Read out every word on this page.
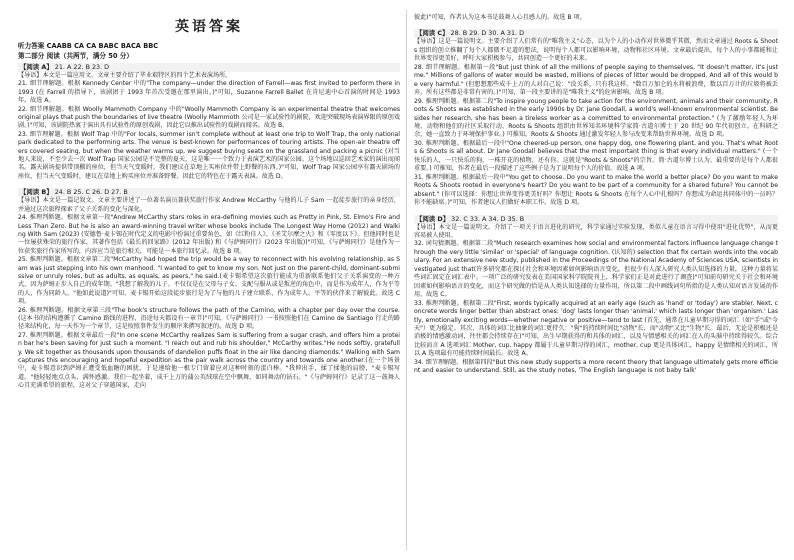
英语答案
听力答案 CAABB CA CA BABC BACA BBC
第二部分 阅读（共两节，满分 50 分）
【阅读 A】 21. A 22. B 23. D

【导语】本文是一篇应用文。文章主要介绍了毕业艰特区的四个艺术表演场所。

21. 细节理解题。根据 Kennedy Center 中的"The company—under the direction of Farrell—was first invited to perform there in 1993 (在 Farrell 的指导下，该剧团于 1993 年首次受邀在那里演出。)"可知，Suzanne Farrell Ballet 在肯尼迪中心首演的时间是 1993 年。故选 A。

22. 细节理解题。根据 Woolly Mammoth Company 中的"Woolly Mammoth Company is an experimental theatre that welcomes original plays that push the boundaries of live theatre (Woolly Mammoth 公司是一家试验性的剧院，欢迎突破现场表演界限的原创戏剧。)"可知，该剧院热衷于演出具有试验性的原创戏剧，因此它以推出试验性的戏剧而闻名。故选 B。

23. 细节理解题。根据 Wolf Trap 中的"For locals, summer isn't complete without at least one trip to Wolf Trap, the only national park dedicated to the performing arts. The venue is best-known for performances of touring artists. The open-air theatre offers covered seating, but when the weather warms up, we suggest buying seats on the grassland and packing a picnic (对当地人来说，不至少去一次 Wolf Trap 国家公园是不完整的夏天，这是唯一一个致力于表演艺术的国家公园。这个场地以巡回艺术家的演出而闻名。露天剧场提供带顶棚的座位，但当天气变暖时，我们建议在草地上买座位并带上野餐的东西。)"可知，Wolf Trap 国家公园享有露天剧场的座位，但当天气变暖时，建议在草地上购买座位并准备野餐。因此它的特色在于露天表演。故选 D。

【阅读 B】 24. B 25. C 26. D 27. B

【导语】本文是一篇记叙文。文章主要讲述了一位著名演员兼获奖旅行作家 Andrew McCarthy 与他的儿子 Sam 一起徒步旅行的亲身经历，并通过这次旅程探索了父子关系的变化与深化。

24. 推理判断题。根据文章第一段"Andrew McCarthy stars roles in era-defining movies such as Pretty in Pink, St. Elmo's Fire and Less Than Zero. But he is also an award-winning travel writer whose books include The Longest Way Home (2012) and Walking With Sam (2023) (安德鲁·麦卡锡在时代定义的电影中扮演过重要角色，如《红粉佳人》、《圣艾尔摩之火》和《零度以下》。但他同时也是一位屡获殊荣的旅行作家，其著作包括《最长的回家路》(2012 年出版) 和《与萨姆同行》(2023 年出版))"可知，《与萨姆同行》是他作为一位获奖旅行作家所写的，内容应当是旅行相关，可能是一本旅行回忆录。故选 B 项。

25. 推理判断题。根据文章第二段"McCarthy had hoped the trip would be a way to reconnect with his evolving relationship, as Sam was just stepping into his own manhood. "I wanted to get to know my son. Not just on the parent-child, dominant-submissive or unruly roles, but as adults, as equals, as peers," he said.(麦卡锡希望这次旅行能成为重新联系他们父子关系演变的一种方式，因为萨姆正步入自己的成年期。"我想了解我的儿子。不仅仅是在父母与子女、支配与服从或是叛逆的角色中，而是作为成年人，作为平等的人，作为同龄人。"他如此说道)"可知，麦卡锡开始这段徒步旅行是为了与他的儿子建立联系，作为成年人、平等的伙伴来了解彼此。故选 C 项。

26. 推理判断题。根据文章第三段"The book's structure follows the path of the Camino, with a chapter per day over the course. (这本书的结构遵循了 Camino 路线的进程，沿途每天都设有一章节)"可知，《与萨姆同行》一书按照他们在 Camino de Santiago 行走的路径来结构化，每一天作为一个章节，这是按照事件发生的顺序来撰写叙述的。故选 D 项。

27. 推理判断题。根据文章最后一段"In one scene McCarthy realizes Sam is suffering from a sugar crash, and offers him a protein bar he's been saving for just such a moment. "I reach out and rub his shoulder," McCarthy writes."He nods softly, gratefully. We sit together as thousands upon thousands of dandelion puffs float in the air like dancing diamonds." Walking with Sam captures this encouraging and hopeful expedition as the pair walk across the country and towards one another.(在一个场景中，麦卡锡意识到萨姆正遭受低血糖的困扰，于是递给他一根专门留着应对这种时刻的蛋白棒。"我伸出手，揉了揉他的肩膀，"麦卡锡写道。"他轻轻地点点头，满怀感激。我们一起坐着，成千上万的蒲公英绒球在空中飘舞，如同舞动的钻石。"《与萨姆同行》记录了这一鼓舞人心且充满希望的旅程，这对父子穿越国家，走向

彼此)"可知，作者认为这本书是鼓舞人心且感人的。故选 B 项。

【阅读 C】 28. B 29. D 30. A 31. D

【导语】这是一篇说明文。主要介绍了人们常有的"唯我主义"心态，以为个人的小动作对世界微乎其微，然而文章通过 Roots & Shoots 组织的创立推翻了每个人都微不足道的想法，说明每个人都可以影响环境，动物和社区环境。文章最后提出，每个人的小事都能和让世界变得更美好，呼吁大家积极参与，共同创造一个更好的未来。

28. 细节理解题。根据第一段"But just think of all the millions of people saying to themselves, "It doesn't matter, it's just me." Millions of gallons of water would be wasted, millions of pieces of litter would be dropped. And all of this would be very harmful." (但想想那些成千上万的人对自己说："没关系，只有我这样。"数百万加仑的水将被浪费，数以百万计的垃圾将被丢弃，所有这些都是非常有害的。)"可知，第一段主要讲的是"唯我主义"的危害影响。故选 B 项。

29. 推理判断题。根据第二段"To inspire young people to take action for the environment, animals and their community, Roots & Shoots was established in the early 1990s by Dr. Jane Goodall, a world's well-known environmental scientist. Besides her research, she has been a tireless worker as a committed to environmental protection." (为了激励年轻人为环境、动物和他们的社区采取行动，Roots & Shoots 组织由世界知名环境科学家简·古道尔博士于 20 世纪 90 年代初创立。在科研之余，她一直致力于环境保护事业。) 可推知，Roots & Shoots 通过激发年轻人参与改变来帮助世界环境。故选 D 项。

30. 推理判断题。根据最后一段中"One cheered-up person, one happy dog, one flowering plant, and you. That's what Roots & Shoots is all about. Dr Jane Goodall believes that the most important thing is that every individual matters." (一个快乐的人，一只快乐的狗，一株开花的植物，还有你。这就是"Roots & Shoots"的宗旨。简·古道尔博士认为，最重要的是每个人都很重要。) 可推知，作者在最后一段描述了这些例子是为了说明每个人的价值。故选 A 项。

31. 推理判断题。根据最后一段中"You get to choose. Do you want to make the world a better place? Do you want to make Roots & Shoots rooted in everyone's heart? Do you want to be part of a community for a shared future? You cannot be absent." (你可以选择：你想让世界变得更美好吗？你想让 Roots & Shoots 在每个人心中扎根吗？你想成为命运共同体中的一员吗？你不能缺席。)"可知，作者建议人们做好本职工作。故选 D 项。

【阅读 D】 32. C 33. A 34. D 35. B

【导语】本文是一篇说明文。介绍了一项关于语言进化的研究，科学家通过实验发现，类似儿童在语言习得中使用"进化优势"，从而更容易被人使用。

32. 词句猜测题。根据第二段"Much research examines how social and environmental factors influence language change through the very little 'similar' or 'special' of language cognition. (认知的) selection that fix certain words into the vocabulary. For an extensive new study, published in the Proceedings of the National Academy of Sciences USA, scientists investigated just that(许多研究都在探讨社会和环境因素如何影响语言变化，但很少有人深入研究人类认知选择的力量，这种力量将某些词汇固定在词汇表中。一项广泛的研究发表在美国国家科学院院刊上，科学家们正是对此进行了调查)"可知前句研究关于社会和环境因素如何影响语言的变化，而这个研究做的恰是从人类认知选择的力量作用，所以第二段中画线词句所指的是人类认知对语言发展的作用，故选 C。

33. 推理判断题。根据第二段"First, words typically acquired at an early age (such as 'hand' or 'today') are stabler. Next, concrete words linger better than abstract ones: 'dog' lasts longer than 'animal,' which lasts longer than 'organism.' Lastly, emotionally exciting words—whether negative or positive—tend to last (首先，通常在儿童早期习得的词汇（如"手"或"今天"）更为稳定。其次，具体的词汇比抽象的词汇更持久："狗"的持续时间比"动物"长，而"动物"又比"生物"长。最后，无论是积极还是消极的情感激动词，往往都会持续存在)"可知，出生早期获得的和具体的词汇，以及与情感相关的词汇在人的头脑中持续得较久。综合比较而言 A 选项词汇 Mother, cup, happy 都属于儿童早期习得的词汇，mother, cup 更是具体词汇，happy 是情绪相关的词汇，所以 A 选项最有可能持续时间最长。故选 A。

34. 细节理解题。根据第四段"But this new study supports a more recent theory that language ultimately gets more efficient and easier to understand. Still, as the study notes, 'The English language is not baby talk'
